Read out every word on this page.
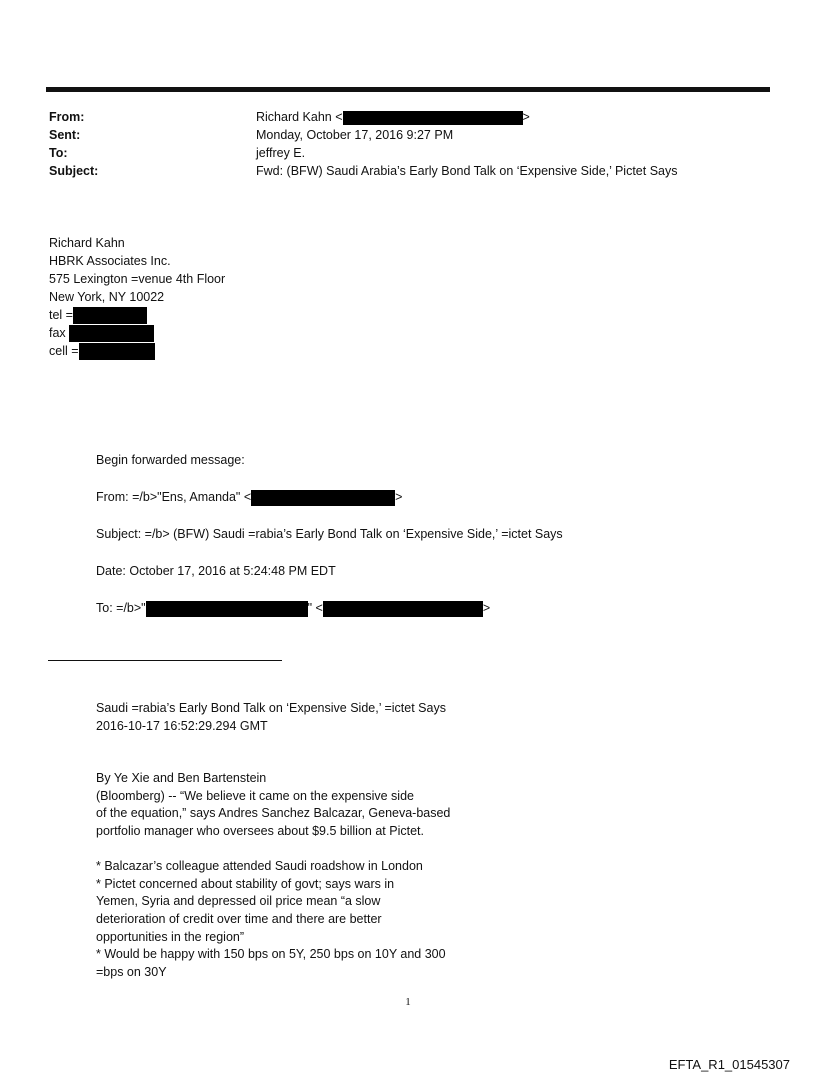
From:	Richard Kahn <	>
Sent:	Monday, October 17, 2016 9:27 PM
To:	jeffrey E.
Subject:	Fwd: (BFW) Saudi Arabia’s Early Bond Talk on ‘Expensive Side,’ Pictet Says
Richard Kahn
HBRK Associates Inc.
575 Lexington =venue 4th Floor
New York, NY 10022
tel =
fax
cell =
Begin forwarded message:
From: =/b>"Ens, Amanda" <	>
Subject: =/b> (BFW) Saudi =rabia’s Early Bond Talk on ‘Expensive Side,’ =ictet Says
Date: October 17, 2016 at 5:24:48 PM EDT
To: =/b>"	" <	>
Saudi =rabia’s Early Bond Talk on ‘Expensive Side,’ =ictet Says
2016-10-17 16:52:29.294 GMT
By Ye Xie and Ben Bartenstein
(Bloomberg) -- “We believe it came on the expensive side
of the equation,” says Andres Sanchez Balcazar, Geneva-based
portfolio manager who oversees about $9.5 billion at Pictet.
* Balcazar’s colleague attended Saudi roadshow in London
* Pictet concerned about stability of govt; says wars in
Yemen, Syria and depressed oil price mean “a slow
deterioration of credit over time and there are better
opportunities in the region”
* Would be happy with 150 bps on 5Y, 250 bps on 10Y and 300
=bps on 30Y
1
EFTA_R1_01545307
